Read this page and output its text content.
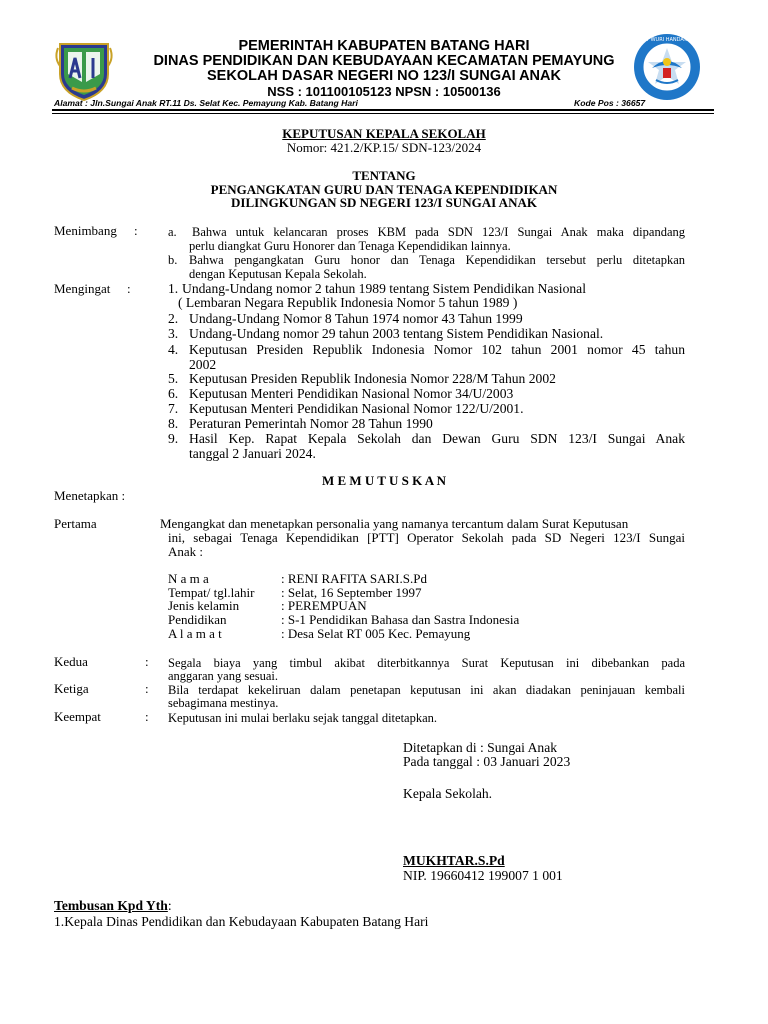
TUT WURI HANDAYANI
PEMERINTAH KABUPATEN BATANG HARI
DINAS PENDIDIKAN DAN KEBUDAYAAN KECAMATAN PEMAYUNG
SEKOLAH DASAR NEGERI NO 123/I SUNGAI ANAK
NSS : 101100105123 NPSN : 10500136
Alamat : Jln.Sungai Anak RT.11 Ds. Selat Kec. Pemayung Kab. Batang Hari	Kode Pos : 36657
KEPUTUSAN KEPALA SEKOLAH
Nomor: 421.2/KP.15/ SDN-123/2024
TENTANG
PENGANGKATAN GURU DAN TENAGA KEPENDIDIKAN
DILINGKUNGAN SD NEGERI 123/I SUNGAI ANAK
Menimbang : a. Bahwa untuk kelancaran proses KBM pada SDN 123/I Sungai Anak maka dipandang
perlu diangkat Guru Honorer dan Tenaga Kependidikan lainnya.
b. Bahwa pengangkatan Guru honor dan Tenaga Kependidikan tersebut perlu ditetapkan
dengan Keputusan Kepala Sekolah.
Mengingat :	1. Undang-Undang nomor 2 tahun 1989 tentang Sistem Pendidikan Nasional
( Lembaran Negara Republik Indonesia Nomor 5 tahun 1989 )
2. Undang-Undang Nomor 8 Tahun 1974 nomor 43 Tahun 1999
3. Undang-Undang nomor 29 tahun 2003 tentang Sistem Pendidikan Nasional.
4. Keputusan Presiden Republik Indonesia Nomor 102 tahun 2001 nomor 45 tahun
2002
5. Keputusan Presiden Republik Indonesia Nomor 228/M Tahun 2002
6. Keputusan Menteri Pendidikan Nasional Nomor 34/U/2003
7. Keputusan Menteri Pendidikan Nasional Nomor 122/U/2001.
8. Peraturan Pemerintah Nomor 28 Tahun 1990
9. Hasil Kep. Rapat Kepala Sekolah dan Dewan Guru SDN 123/I Sungai Anak
tanggal 2 Januari 2024.
M E M U T U S K A N
Menetapkan :
Pertama	Mengangkat dan menetapkan personalia yang namanya tercantum dalam Surat Keputusan
ini, sebagai Tenaga Kependidikan [PTT] Operator Sekolah pada SD Negeri 123/I Sungai
Anak :
N a m a	: RENI RAFITA SARI.S.Pd
Tempat/ tgl.lahir : Selat, 16 September 1997
Jenis kelamin	: PEREMPUAN
Pendidikan	: S-1 Pendidikan Bahasa dan Sastra Indonesia
A l a m a t	: Desa Selat RT 005 Kec. Pemayung
Kedua	: Segala biaya yang timbul akibat diterbitkannya Surat Keputusan ini dibebankan pada
anggaran yang sesuai.
Ketiga	: Bila terdapat kekeliruan dalam penetapan keputusan ini akan diadakan peninjauan kembali
sebagimana mestinya.
Keempat	: Keputusan ini mulai berlaku sejak tanggal ditetapkan.
Ditetapkan di : Sungai Anak
Pada tanggal : 03 Januari 2023
Kepala Sekolah.
MUKHTAR.S.Pd
NIP. 19660412 199007 1 001
Tembusan Kpd Yth:
1.Kepala Dinas Pendidikan dan Kebudayaan Kabupaten Batang Hari
